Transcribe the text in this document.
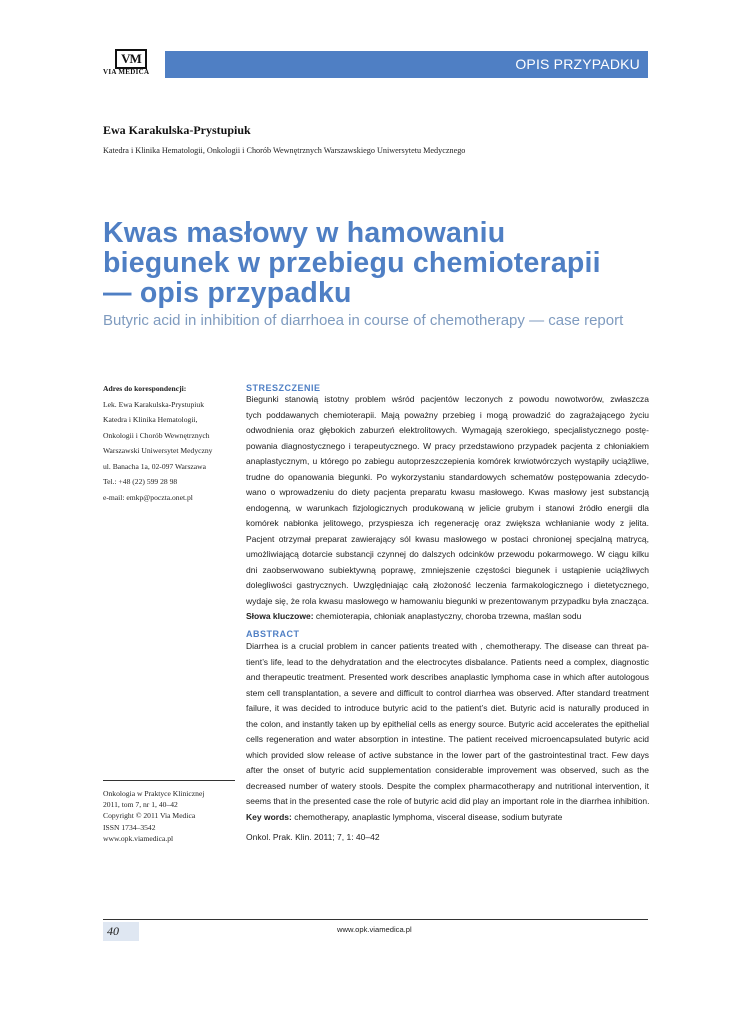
VM
VIA MEDICA	OPIS PRZYPADKU
Ewa Karakulska-Prystupiuk
Katedra i Klinika Hematologii, Onkologii i Chorób Wewnętrznych Warszawskiego Uniwersytetu Medycznego
Kwas masłowy w hamowaniu
biegunek w przebiegu chemioterapii
— opis przypadku
Butyric acid in inhibition of diarrhoea in course of chemotherapy — case report
Adres do korespondencji:
Lek. Ewa Karakulska-Prystupiuk
Katedra i Klinika Hematologii,
Onkologii i Chorób Wewnętrznych
Warszawski Uniwersytet Medyczny
ul. Banacha 1a, 02-097 Warszawa
Tel.: +48 (22) 599 28 98
e-mail: emkp@poczta.onet.pl
Onkologia w Praktyce Klinicznej
2011, tom 7, nr 1, 40–42
Copyright © 2011 Via Medica
ISSN 1734–3542
www.opk.viamedica.pl
STRESZCZENIE
Biegunki stanowią istotny problem wśród pacjentów leczonych z powodu nowotworów, zwłaszcza
tych poddawanych chemioterapii. Mają poważny przebieg i mogą prowadzić do zagrażającego życiu
odwodnienia oraz głębokich zaburzeń elektrolitowych. Wymagają szerokiego, specjalistycznego postę-
powania diagnostycznego i terapeutycznego. W pracy przedstawiono przypadek pacjenta z chłoniakiem
anaplastycznym, u którego po zabiegu autoprzeszczepienia komórek krwiotwórczych wystąpiły uciążliwe,
trudne do opanowania biegunki. Po wykorzystaniu standardowych schematów postępowania zdecydo-
wano o wprowadzeniu do diety pacjenta preparatu kwasu masłowego. Kwas masłowy jest substancją
endogenną, w warunkach fizjologicznych produkowaną w jelicie grubym i stanowi źródło energii dla
komórek nabłonka jelitowego, przyspiesza ich regenerację oraz zwiększa wchłanianie wody z jelita.
Pacjent otrzymał preparat zawierający sól kwasu masłowego w postaci chronionej specjalną matrycą,
umożliwiającą dotarcie substancji czynnej do dalszych odcinków przewodu pokarmowego. W ciągu kilku
dni zaobserwowano subiektywną poprawę, zmniejszenie częstości biegunek i ustąpienie uciążliwych
dolegliwości gastrycznych. Uwzględniając całą złożoność leczenia farmakologicznego i dietetycznego,
wydaje się, że rola kwasu masłowego w hamowaniu biegunki w prezentowanym przypadku była znacząca.
Słowa kluczowe: chemioterapia, chłoniak anaplastyczny, choroba trzewna, maślan sodu
ABSTRACT
Diarrhea is a crucial problem in cancer patients treated with , chemotherapy. The disease can threat pa-
tient’s life, lead to the dehydratation and the electrocytes disbalance. Patients need a complex, diagnostic
and therapeutic treatment. Presented work describes anaplastic lymphoma case in which after autologous
stem cell transplantation, a severe and difficult to control diarrhea was observed. After standard treatment
failure, it was decided to introduce butyric acid to the patient’s diet. Butyric acid is naturally produced in
the colon, and instantly taken up by epithelial cells as energy source. Butyric acid accelerates the epithelial
cells regeneration and water absorption in intestine. The patient received microencapsulated butyric acid
which provided slow release of active substance in the lower part of the gastrointestinal tract. Few days
after the onset of butyric acid supplementation considerable improvement was observed, such as the
decreased number of watery stools. Despite the complex pharmacotherapy and nutritional intervention, it
seems that in the presented case the role of butyric acid did play an important role in the diarrhea inhibition.
Key words: chemotherapy, anaplastic lymphoma, visceral disease, sodium butyrate
Onkol. Prak. Klin. 2011; 7, 1: 40–42
40	www.opk.viamedica.pl
